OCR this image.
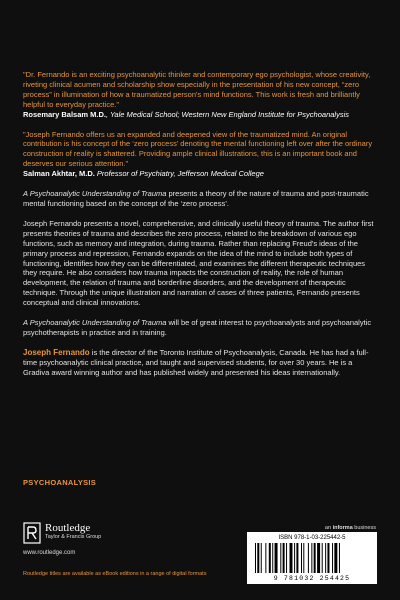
"Dr. Fernando is an exciting psychoanalytic thinker and contemporary ego psychologist, whose creativity, riveting clinical acumen and scholarship show especially in the presentation of his new concept, “zero process” in illumination of how a traumatized person's mind functions. This work is fresh and brilliantly helpful to everyday practice."

Rosemary Balsam M.D., Yale Medical School; Western New England Institute for Psychoanalysis

"Joseph Fernando offers us an expanded and deepened view of the traumatized mind. An original contribution is his concept of the ‘zero process’ denoting the mental functioning left over after the ordinary construction of reality is shattered. Providing ample clinical illustrations, this is an important book and deserves our serious attention."

Salman Akhtar, M.D. Professor of Psychiatry, Jefferson Medical College

A Psychoanalytic Understanding of Trauma presents a theory of the nature of trauma and post-traumatic mental functioning based on the concept of the ‘zero process’.

Joseph Fernando presents a novel, comprehensive, and clinically useful theory of trauma. The author first presents theories of trauma and describes the zero process, related to the breakdown of various ego functions, such as memory and integration, during trauma. Rather than replacing Freud's ideas of the primary process and repression, Fernando expands on the idea of the mind to include both types of functioning, identifies how they can be differentiated, and examines the different therapeutic techniques they require. He also considers how trauma impacts the construction of reality, the role of human development, the relation of trauma and borderline disorders, and the development of therapeutic technique. Through the unique illustration and narration of cases of three patients, Fernando presents conceptual and clinical innovations.

A Psychoanalytic Understanding of Trauma will be of great interest to psychoanalysts and psychoanalytic psychotherapists in practice and in training.

Joseph Fernando is the director of the Toronto Institute of Psychoanalysis, Canada. He has had a full-time psychoanalytic clinical practice, and taught and supervised students, for over 30 years. He is a Gradiva award winning author and has published widely and presented his ideas internationally.

PSYCHOANALYSIS
Routledge
Taylor & Francis Group
www.routledge.com
Routledge titles are available as eBook editions in a range of digital formats
an informa business
ISBN 978-1-03-225442-5
9 781032 254425
